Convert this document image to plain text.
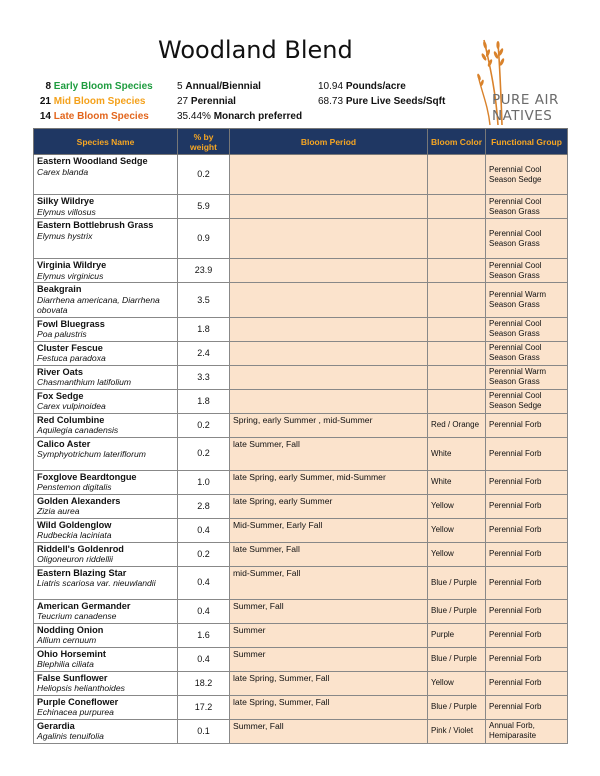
Woodland Blend
8 Early Bloom Species
21 Mid Bloom Species
14 Late Bloom Species
5 Annual/Biennial
27 Perennial
35.44% Monarch preferred
10.94 Pounds/acre
68.73 Pure Live Seeds/Sqft	PURE AIR
NATIVES
Species Name	% by weight	Bloom Period	Bloom Color	Functional Group

Eastern Woodland Sedge
Carex blanda	0.2			Perennial Cool Season Sedge

Silky Wildrye
Elymus villosus	5.9			Perennial Cool Season Grass

Eastern Bottlebrush Grass
Elymus hystrix	0.9			Perennial Cool Season Grass

Virginia Wildrye
Elymus virginicus	23.9			Perennial Cool Season Grass

Beakgrain
Diarrhena americana, Diarrhena obovata	3.5			Perennial Warm Season Grass

Fowl Bluegrass
Poa palustris	1.8			Perennial Cool Season Grass

Cluster Fescue
Festuca paradoxa	2.4			Perennial Cool Season Grass

River Oats
Chasmanthium latifolium	3.3			Perennial Warm Season Grass

Fox Sedge
Carex vulpinoidea	1.8			Perennial Cool Season Sedge

Red Columbine
Aquilegia canadensis	0.2	Spring, early Summer , mid-Summer	Red / Orange	Perennial Forb

Calico Aster
Symphyotrichum lateriflorum	0.2	late Summer, Fall	White	Perennial Forb

Foxglove Beardtongue
Penstemon digitalis	1.0	late Spring, early Summer, mid-Summer	White	Perennial Forb

Golden Alexanders
Zizia aurea	2.8	late Spring, early Summer	Yellow	Perennial Forb

Wild Goldenglow
Rudbeckia laciniata	0.4	Mid-Summer, Early Fall	Yellow	Perennial Forb

Riddell's Goldenrod
Oligoneuron riddellii	0.2	late Summer, Fall	Yellow	Perennial Forb

Eastern Blazing Star
Liatris scariosa var. nieuwlandii	0.4	mid-Summer, Fall	Blue / Purple	Perennial Forb

American Germander
Teucrium canadense	0.4	Summer, Fall	Blue / Purple	Perennial Forb

Nodding Onion
Allium cernuum	1.6	Summer	Purple	Perennial Forb

Ohio Horsemint
Blephilia ciliata	0.4	Summer	Blue / Purple	Perennial Forb

False Sunflower
Heliopsis helianthoides	18.2	late Spring, Summer, Fall	Yellow	Perennial Forb

Purple Coneflower
Echinacea purpurea	17.2	late Spring, Summer, Fall	Blue / Purple	Perennial Forb

Gerardia
Agalinis tenuifolia	0.1	Summer, Fall	Pink / Violet	Annual Forb, Hemiparasite
